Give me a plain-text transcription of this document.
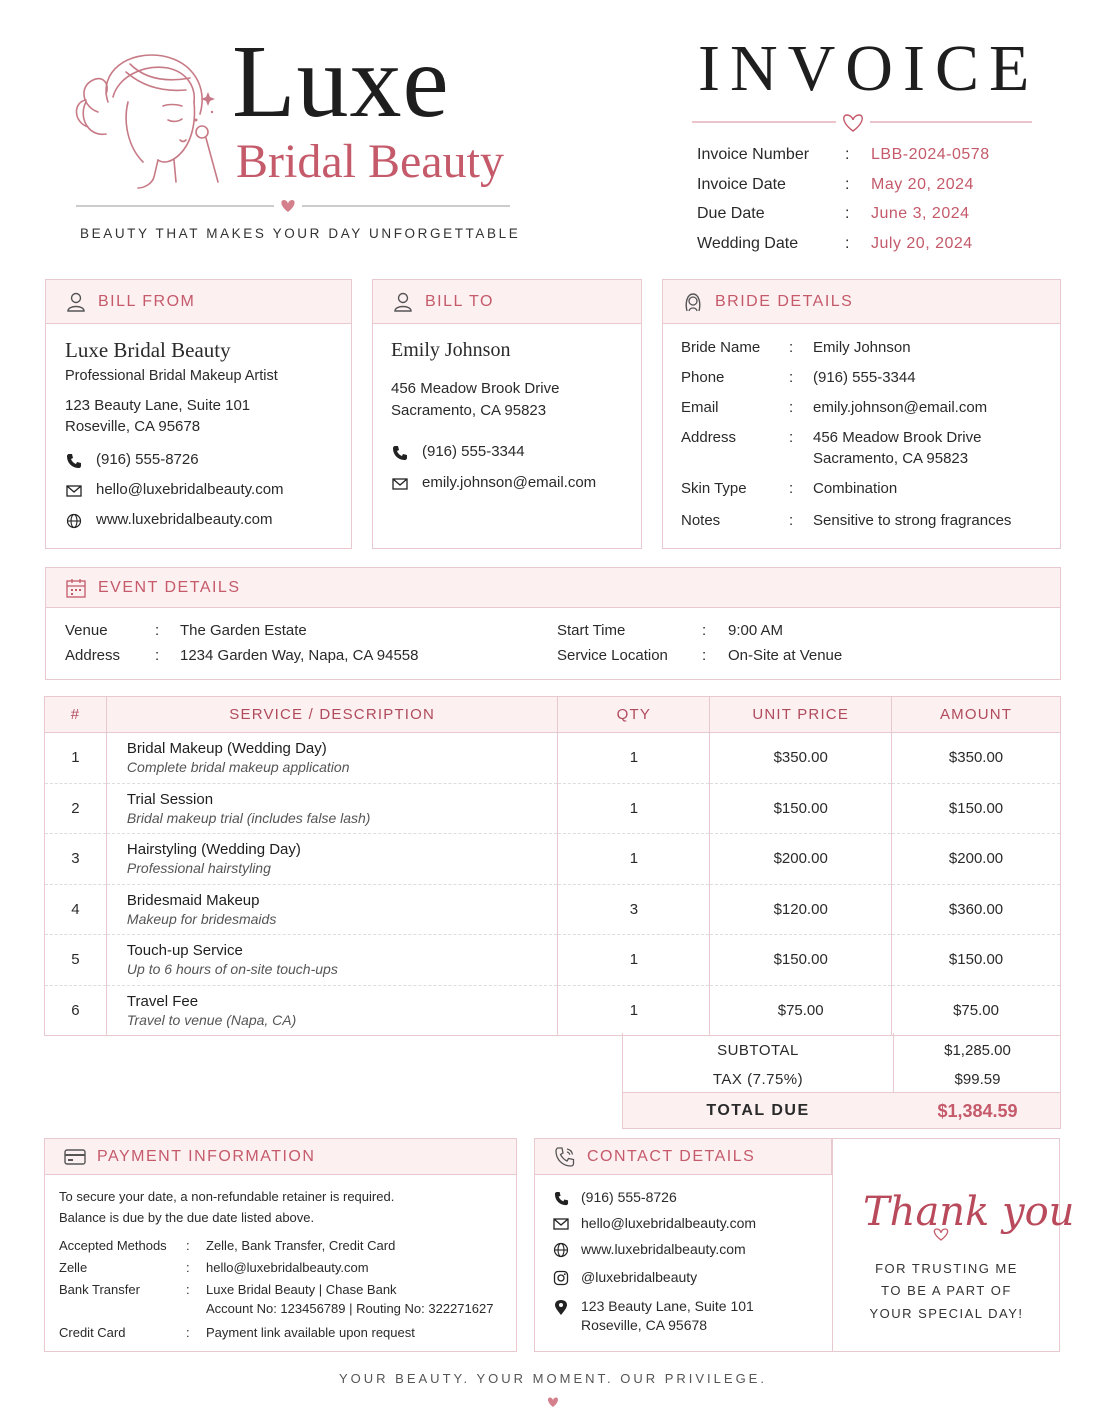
Luxe
Bridal Beauty
BEAUTY THAT MAKES YOUR DAY UNFORGETTABLE
INVOICE
Invoice Number : LBB-2024-0578
Invoice Date	: May 20, 2024
Due Date	: June 3, 2024
Wedding Date	: July 20, 2024
BILL FROM
Luxe Bridal Beauty
Professional Bridal Makeup Artist
123 Beauty Lane, Suite 101
Roseville, CA 95678
(916) 555-8726
hello@luxebridalbeauty.com
www.luxebridalbeauty.com
BILL TO
Emily Johnson
456 Meadow Brook Drive
Sacramento, CA 95823
(916) 555-3344
emily.johnson@email.com
BRIDE DETAILS
Bride Name : Emily Johnson
Phone	: (916) 555-3344
Email	: emily.johnson@email.com
Address	: 456 Meadow Brook Drive
Sacramento, CA 95823
Skin Type	: Combination
Notes	: Sensitive to strong fragrances
EVENT DETAILS
Venue	: The Garden Estate
Address : 1234 Garden Way, Napa, CA 94558
Start Time	: 9:00 AM
Service Location : On-Site at Venue
#	SERVICE / DESCRIPTION	QTY	UNIT PRICE	AMOUNT
1	Bridal Makeup (Wedding Day)
Complete bridal makeup application	1	$350.00	$350.00
2	Trial Session
Bridal makeup trial (includes false lash)	1	$150.00	$150.00
3	Hairstyling (Wedding Day)
Professional hairstyling	1	$200.00	$200.00
4	Bridesmaid Makeup
Makeup for bridesmaids	3	$120.00	$360.00
5	Touch-up Service
Up to 6 hours of on-site touch-ups	1	$150.00	$150.00
6	Travel Fee
Travel to venue (Napa, CA)	1	$75.00	$75.00
SUBTOTAL	$1,285.00
TAX (7.75%)	$99.59
TOTAL DUE	$1,384.59
PAYMENT INFORMATION
To secure your date, a non-refundable retainer is required.
Balance is due by the due date listed above.
Accepted Methods : Zelle, Bank Transfer, Credit Card
Zelle	: hello@luxebridalbeauty.com
Bank Transfer	: Luxe Bridal Beauty | Chase Bank
Account No: 123456789 | Routing No: 322271627
Credit Card	: Payment link available upon request
CONTACT DETAILS
(916) 555-8726
hello@luxebridalbeauty.com
www.luxebridalbeauty.com
@luxebridalbeauty
123 Beauty Lane, Suite 101
Roseville, CA 95678
Thank you
FOR TRUSTING ME
TO BE A PART OF
YOUR SPECIAL DAY!
YOUR BEAUTY. YOUR MOMENT. OUR PRIVILEGE.
